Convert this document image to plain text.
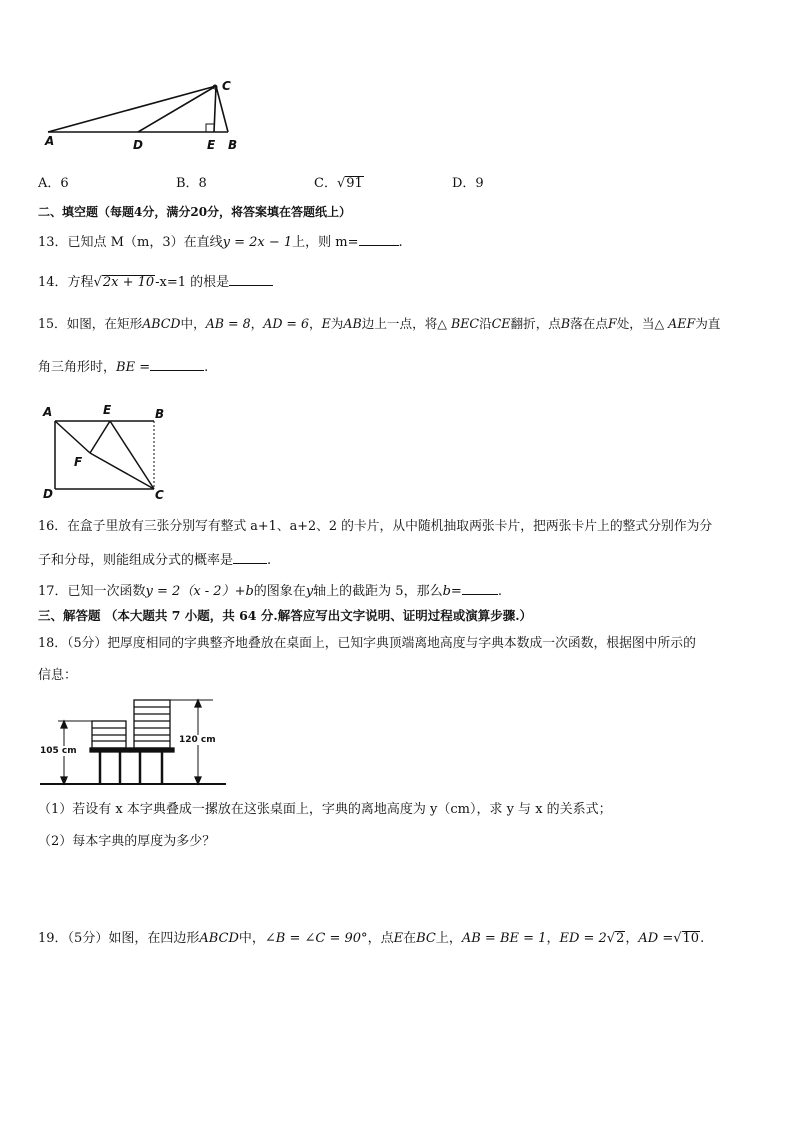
A	D	E B
C
A．6	B．8	C．√91	D．9
二、填空题（每题4分，满分20分，将答案填在答题纸上）
13．已知点 M（m，3）在直线y = 2x − 1上，则 m=	.
14．方程√2x + 10-x=1 的根是
15．如图，在矩形ABCD中，AB = 8，AD = 6，E为AB边上一点，将△ BEC沿CE翻折，点B落在点F处，当△ AEF为直
角三角形时，BE =	.
A	E	B
F
D	C
16．在盒子里放有三张分别写有整式 a+1、a+2、2 的卡片，从中随机抽取两张卡片，把两张卡片上的整式分别作为分
子和分母，则能组成分式的概率是	.
17．已知一次函数y = 2（x - 2）+b的图象在y轴上的截距为 5，那么b=	.
三、解答题 （本大题共 7 小题，共 64 分.解答应写出文字说明、证明过程或演算步骤.）
18．（5分）把厚度相同的字典整齐地叠放在桌面上，已知字典顶端离地高度与字典本数成一次函数，根据图中所示的
信息：
105 cm
120 cm
（1）若设有 x 本字典叠成一摞放在这张桌面上，字典的离地高度为 y（cm），求 y 与 x 的关系式；
（2）每本字典的厚度为多少？
19．（5分）如图，在四边形ABCD中，∠B = ∠C = 90°，点E在BC上，AB = BE = 1，ED = 2√2，AD =√10.
